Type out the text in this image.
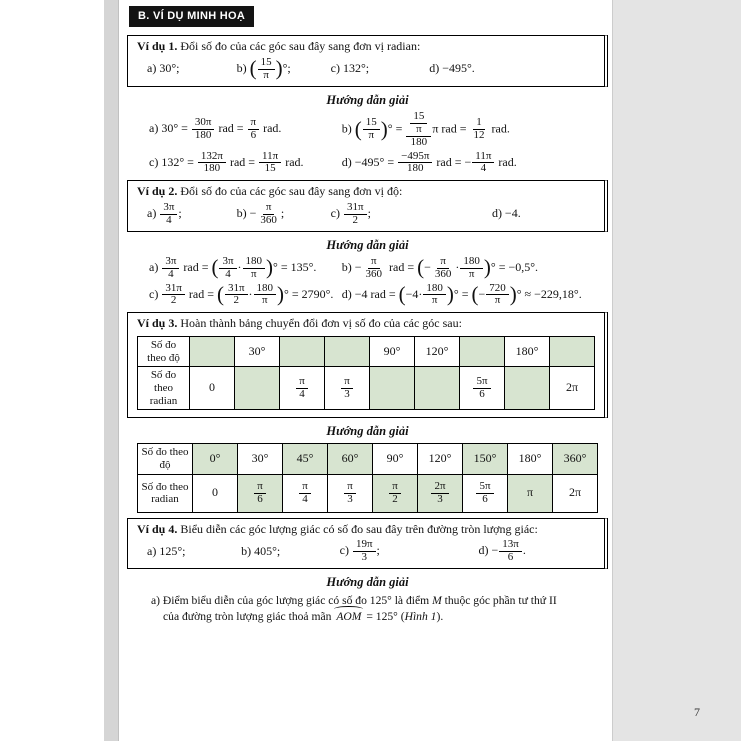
B. VÍ DỤ MINH HOẠ
Ví dụ 1. Đổi số đo của các góc sau đây sang đơn vị radian:
a) 30°;	b) ( $\frac{15}{\pi}$ )°;	c) 132°;	d) −495°.
Hướng dẫn giải
a) $30^\circ = \frac{30\pi}{180}$ rad = $\frac{\pi}{6}$ rad.	b) ( $\frac{15}{\pi}$ )° = $\frac{\frac{15}{\pi}}{180}$ π rad = $\frac{1}{12}$ rad.
c) $132^\circ = \frac{132\pi}{180}$ rad = $\frac{11\pi}{15}$ rad.	$d) -495^\circ = \frac{-495\pi}{180}$ rad = − $\frac{11\pi}{4}$ rad.
Ví dụ 2. Đổi số đo của các góc sau đây sang đơn vị độ:
$a) \frac{3\pi}{4}$ ;	$b) - \frac{\pi}{360}$ ;	$c) \frac{31\pi}{2}$ ;	d) −4.
Hướng dẫn giải
$a) \frac{3\pi}{4}$ rad = ( $\frac{3\pi}{4} \cdot \frac{180}{\pi}$ )° = 135°.	$b) - \frac{\pi}{360}$ rad = (− $\frac{\pi}{360} \cdot \frac{180}{\pi}$ )° = −0,5°.
$c) \frac{31\pi}{2}$ rad = ( $\frac{31\pi}{2} \cdot \frac{180}{\pi}$ )° = 2790°. d) −4 rad = ($-4\cdot \frac{180}{\pi}$ )° = (− $\frac{720}{\pi}$ )° ≈ −229,18°.
Ví dụ 3. Hoàn thành bảng chuyển đổi đơn vị số đo của các góc sau:
Số đo theo độ		30°			90°	120°		180°	
Số đo theo radian	0		$\frac{\pi}{4}$	$\frac{\pi}{3}$			$\frac{5\pi}{6}$		2π
Hướng dẫn giải
Số đo theo độ	0°	30°	45°	60°	90°	120°	150°	180°	360°
Số đo theo radian	0	$\frac{\pi}{6}$	$\frac{\pi}{4}$	$\frac{\pi}{3}$	$\frac{\pi}{2}$	$\frac{2\pi}{3}$	$\frac{5\pi}{6}$	π	2π
Ví dụ 4. Biểu diễn các góc lượng giác có số đo sau đây trên đường tròn lượng giác:
a) 125°;	b) 405°;	$c) \frac{19\pi}{3}$ ;	$d) - \frac{13\pi}{6}$ .
Hướng dẫn giải
a) Điểm biểu diễn của góc lượng giác có số đo 125° là điểm M thuộc góc phần tư thứ II
của đường tròn lượng giác thoả mãn AOM = 125° (Hình 1).
7
